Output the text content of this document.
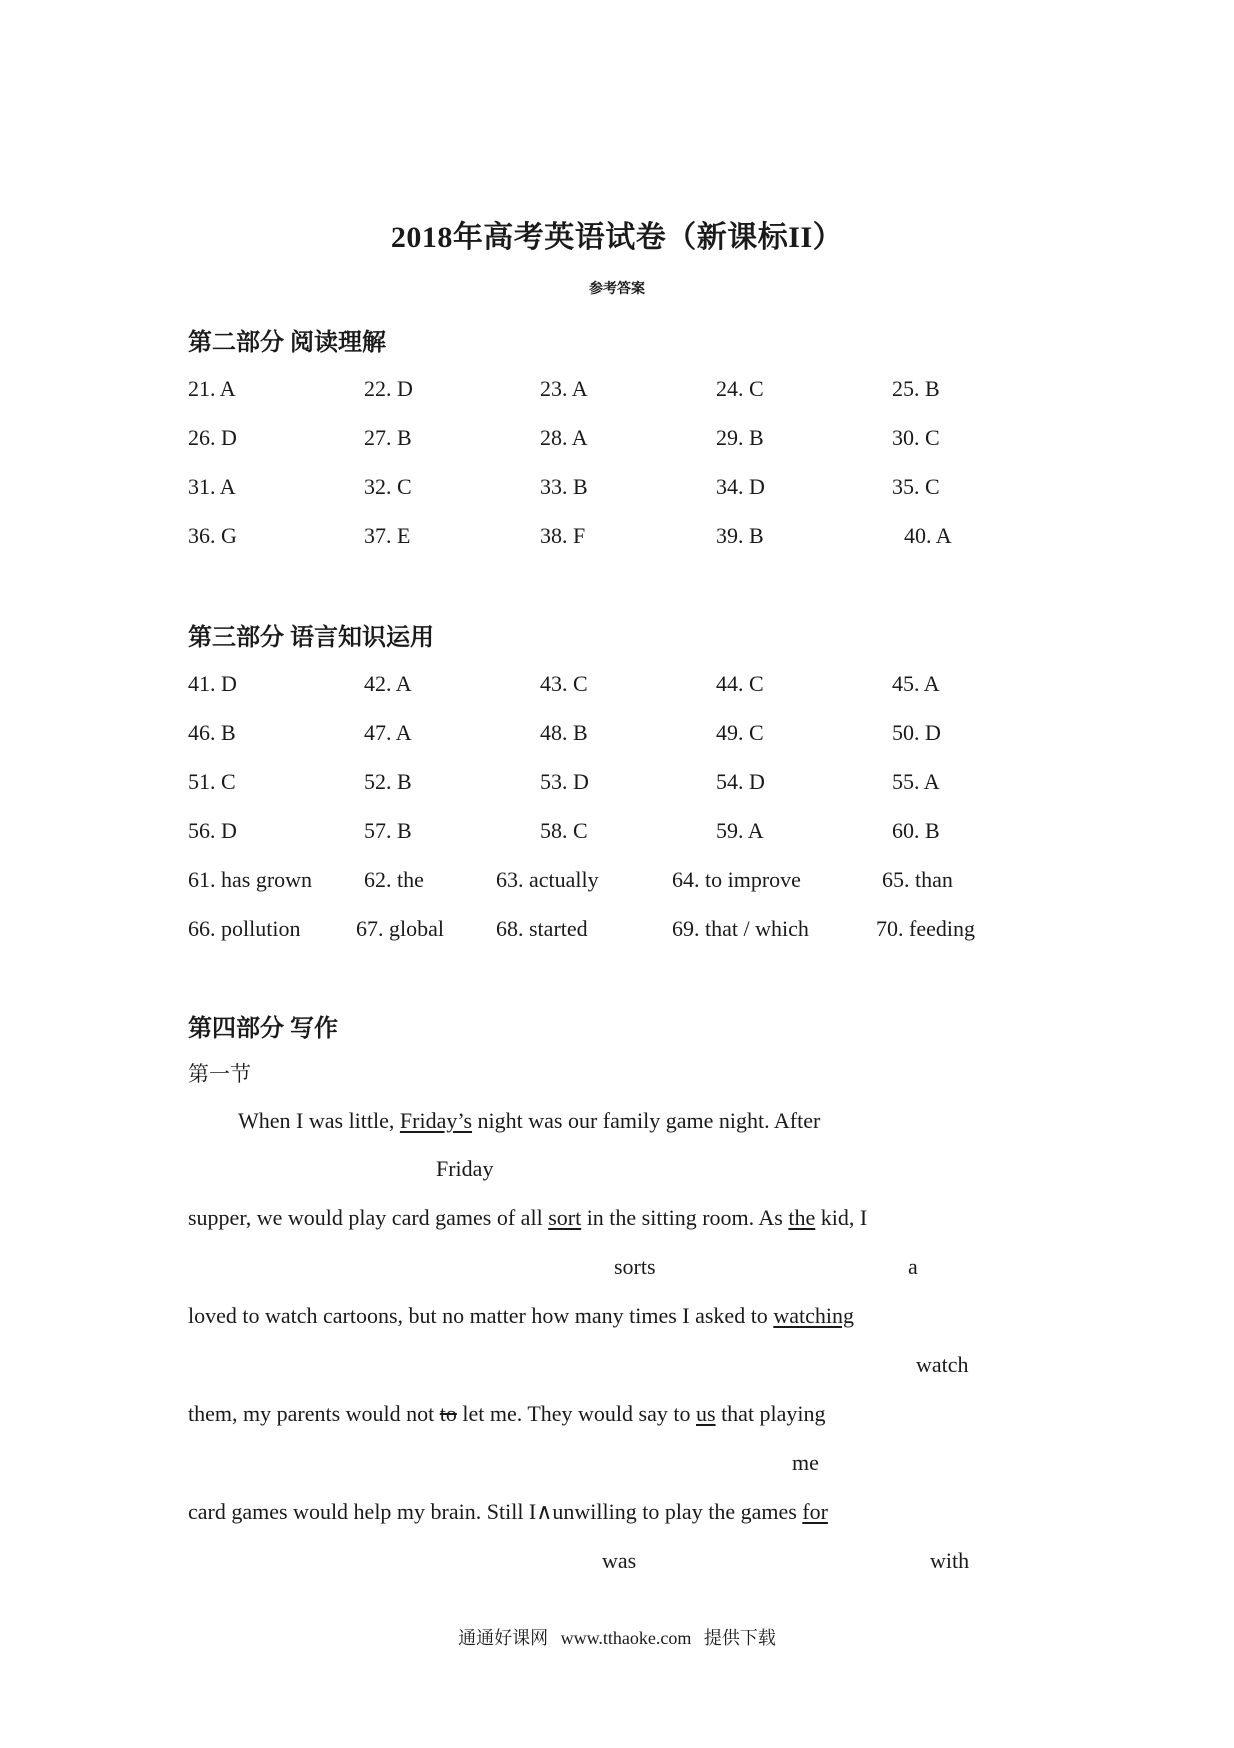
2018年高考英语试卷（新课标II）
参考答案
第二部分 阅读理解
21. A	22. D	23. A	24. C	25. B
26. D	27. B	28. A	29. B	30. C
31. A	32. C	33. B	34. D	35. C
36. G	37. E	38. F	39. B	40. A
第三部分 语言知识运用
41. D	42. A	43. C	44. C	45. A
46. B	47. A	48. B	49. C	50. D
51. C	52. B	53. D	54. D	55. A
56. D	57. B	58. C	59. A	60. B
61. has grown 62. the	63. actually	64. to improve	65. than
66. pollution	67. global 68. started	69. that / which	70. feeding
第四部分 写作
第一节
When I was little, Friday’s night was our family game night. After
Friday
supper, we would play card games of all sort in the sitting room. As the kid, I
sorts	a
loved to watch cartoons, but no matter how many times I asked to watching
watch
them, my parents would not to let me. They would say to us that playing
me
card games would help my brain. Still I∧unwilling to play the games for
was	with
通通好课网 www.tthaoke.com 提供下载
